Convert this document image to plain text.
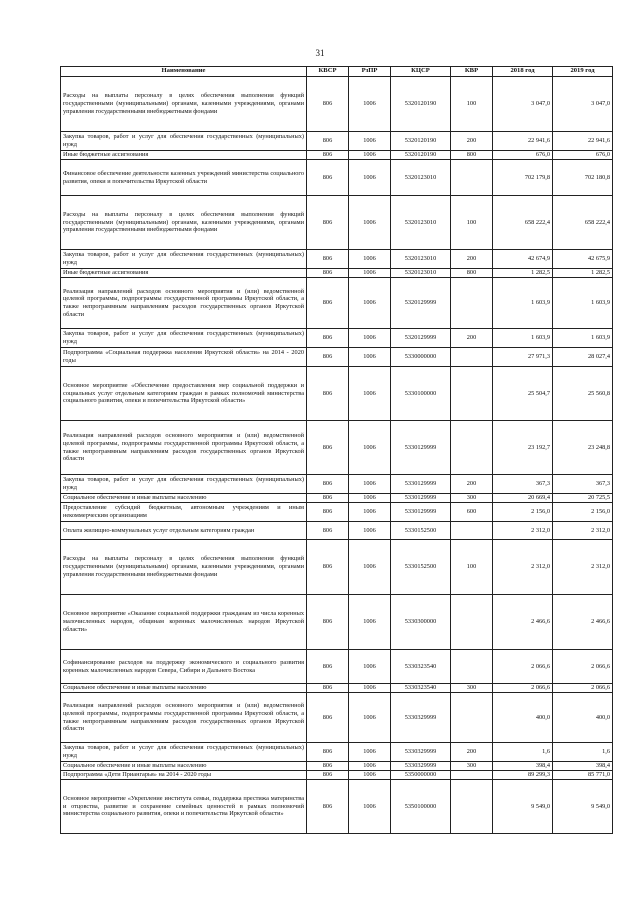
31
Наименование	КВСР	РзПР	КЦСР	КВР	2018 год	2019 год
Расходы на выплаты персоналу в целях обеспечения выполнения функций государственными (муниципальными) органами, казенными учреждениями, органами управления государственными внебюджетными фондами	806	1006	5320120190	100	3 047,0	3 047,0
Закупка товаров, работ и услуг для обеспечения государственных (муниципальных) нужд	806	1006	5320120190	200	22 941,6	22 941,6
Иные бюджетные ассигнования	806	1006	5320120190	800	676,0	676,0
Финансовое обеспечение деятельности казенных учреждений министерства социального развития, опеки и попечительства Иркутской области	806	1006	5320123010		702 179,8	702 180,8
Расходы на выплаты персоналу в целях обеспечения выполнения функций государственными (муниципальными) органами, казенными учреждениями, органами управления государственными внебюджетными фондами	806	1006	5320123010	100	658 222,4	658 222,4
Закупка товаров, работ и услуг для обеспечения государственных (муниципальных) нужд	806	1006	5320123010	200	42 674,9	42 675,9
Иные бюджетные ассигнования	806	1006	5320123010	800	1 282,5	1 282,5
Реализация направлений расходов основного мероприятия и (или) ведомственной целевой программы, подпрограммы государственной программы Иркутской области, а также непрограммным направлениям расходов государственных органов Иркутской области	806	1006	5320129999		1 603,9	1 603,9
Закупка товаров, работ и услуг для обеспечения государственных (муниципальных) нужд	806	1006	5320129999	200	1 603,9	1 603,9
Подпрограмма «Социальная поддержка населения Иркутской области» на 2014 - 2020 годы	806	1006	5330000000		27 971,3	28 027,4
Основное мероприятие «Обеспечение предоставления мер социальной поддержки и социальных услуг отдельным категориям граждан в рамках полномочий министерства социального развития, опеки и попечительства Иркутской области»	806	1006	5330100000		25 504,7	25 560,8
Реализация направлений расходов основного мероприятия и (или) ведомственной целевой программы, подпрограммы государственной программы Иркутской области, а также непрограммным направлениям расходов государственных органов Иркутской области	806	1006	5330129999		23 192,7	23 248,8
Закупка товаров, работ и услуг для обеспечения государственных (муниципальных) нужд	806	1006	5330129999	200	367,3	367,3
Социальное обеспечение и иные выплаты населению	806	1006	5330129999	300	20 669,4	20 725,5
Предоставление субсидий бюджетным, автономным учреждениям и иным некоммерческим организациям	806	1006	5330129999	600	2 156,0	2 156,0
Оплата жилищно-коммунальных услуг отдельным категориям граждан	806	1006	5330152500		2 312,0	2 312,0
Расходы на выплаты персоналу в целях обеспечения выполнения функций государственными (муниципальными) органами, казенными учреждениями, органами управления государственными внебюджетными фондами	806	1006	5330152500	100	2 312,0	2 312,0
Основное мероприятие «Оказание социальной поддержки гражданам из числа коренных малочисленных народов, общинам коренных малочисленных народов Иркутской области»	806	1006	5330300000		2 466,6	2 466,6
Софинансирование расходов на поддержку экономического и социального развития коренных малочисленных народов Севера, Сибири и Дальнего Востока	806	1006	5330323540		2 066,6	2 066,6
Социальное обеспечение и иные выплаты населению	806	1006	5330323540	300	2 066,6	2 066,6
Реализация направлений расходов основного мероприятия и (или) ведомственной целевой программы, подпрограммы государственной программы Иркутской области, а также непрограммным направлениям расходов государственных органов Иркутской области	806	1006	5330329999		400,0	400,0
Закупка товаров, работ и услуг для обеспечения государственных (муниципальных) нужд	806	1006	5330329999	200	1,6	1,6
Социальное обеспечение и иные выплаты населению	806	1006	5330329999	300	398,4	398,4
Подпрограмма «Дети Приангарья» на 2014 - 2020 годы	806	1006	5350000000		89 299,3	85 771,0
Основное мероприятие «Укрепление института семьи, поддержка престижа материнства и отцовства, развитие и сохранение семейных ценностей в рамках полномочий министерства социального развития, опеки и попечительства Иркутской области»	806	1006	5350100000		9 549,0	9 549,0
